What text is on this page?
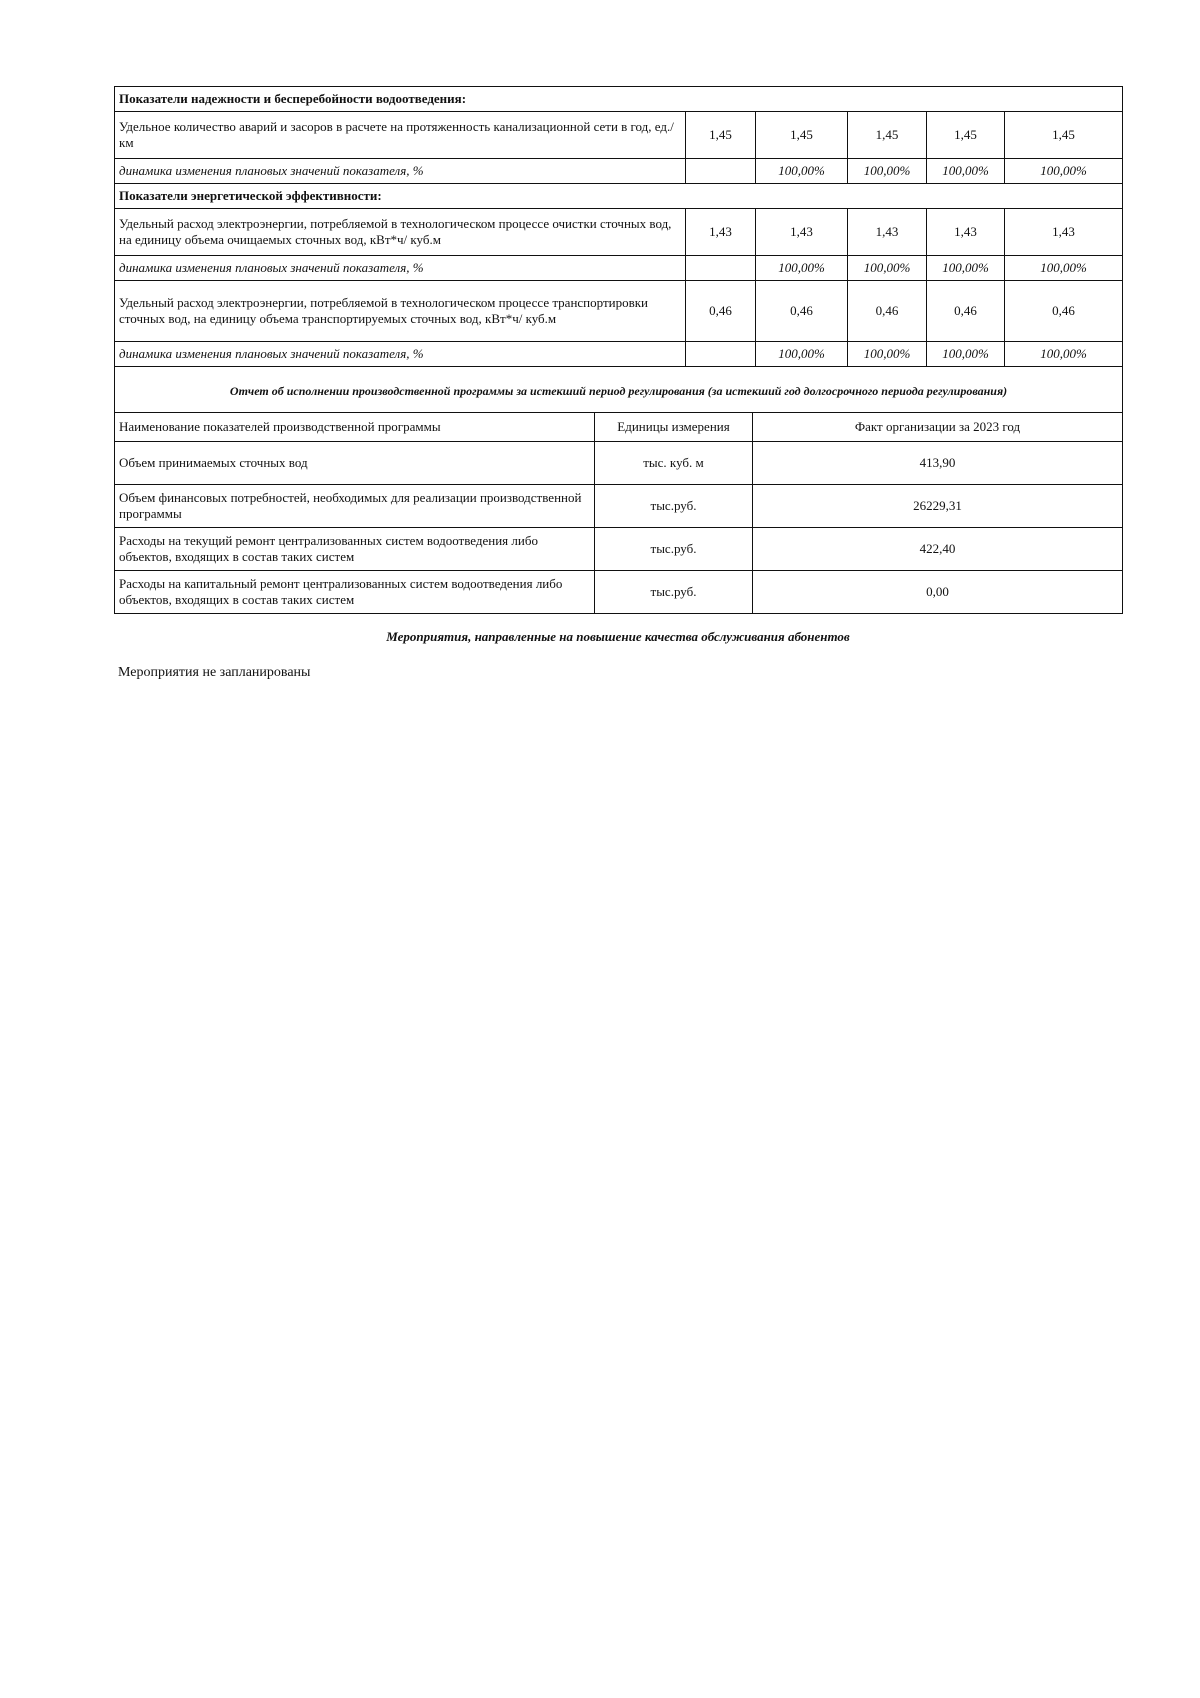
Показатели надежности и бесперебойности водоотведения:					
Удельное количество аварий и засоров в расчете на протяженность канализационной сети в год, ед./км	1,45	1,45	1,45	1,45	1,45
динамика изменения плановых значений показателя, %		100,00%	100,00%	100,00%	100,00%
Показатели энергетической эффективности:					
Удельный расход электроэнергии, потребляемой в технологическом процессе очистки сточных вод, на единицу объема очищаемых сточных вод, кВт*ч/ куб.м	1,43	1,43	1,43	1,43	1,43
динамика изменения плановых значений показателя, %		100,00%	100,00%	100,00%	100,00%
Удельный расход электроэнергии, потребляемой в технологическом процессе транспортировки сточных вод, на единицу объема транспортируемых сточных вод, кВт*ч/ куб.м	0,46	0,46	0,46	0,46	0,46
динамика изменения плановых значений показателя, %		100,00%	100,00%	100,00%	100,00%
Отчет об исполнении производственной программы за истекший период регулирования (за истекший год долгосрочного периода регулирования)					
Наименование показателей производственной программы	Единицы измерения	Факт организации за 2023 год
Объем принимаемых сточных вод	тыс. куб. м	413,90
Объем финансовых потребностей, необходимых для реализации производственной программы	тыс.руб.	26229,31
Расходы на текущий ремонт централизованных систем водоотведения либо объектов, входящих в состав таких систем	тыс.руб.	422,40
Расходы на капитальный ремонт централизованных систем водоотведения либо объектов, входящих в состав таких систем	тыс.руб.	0,00
Мероприятия, направленные на повышение качества обслуживания абонентов
Мероприятия не запланированы
